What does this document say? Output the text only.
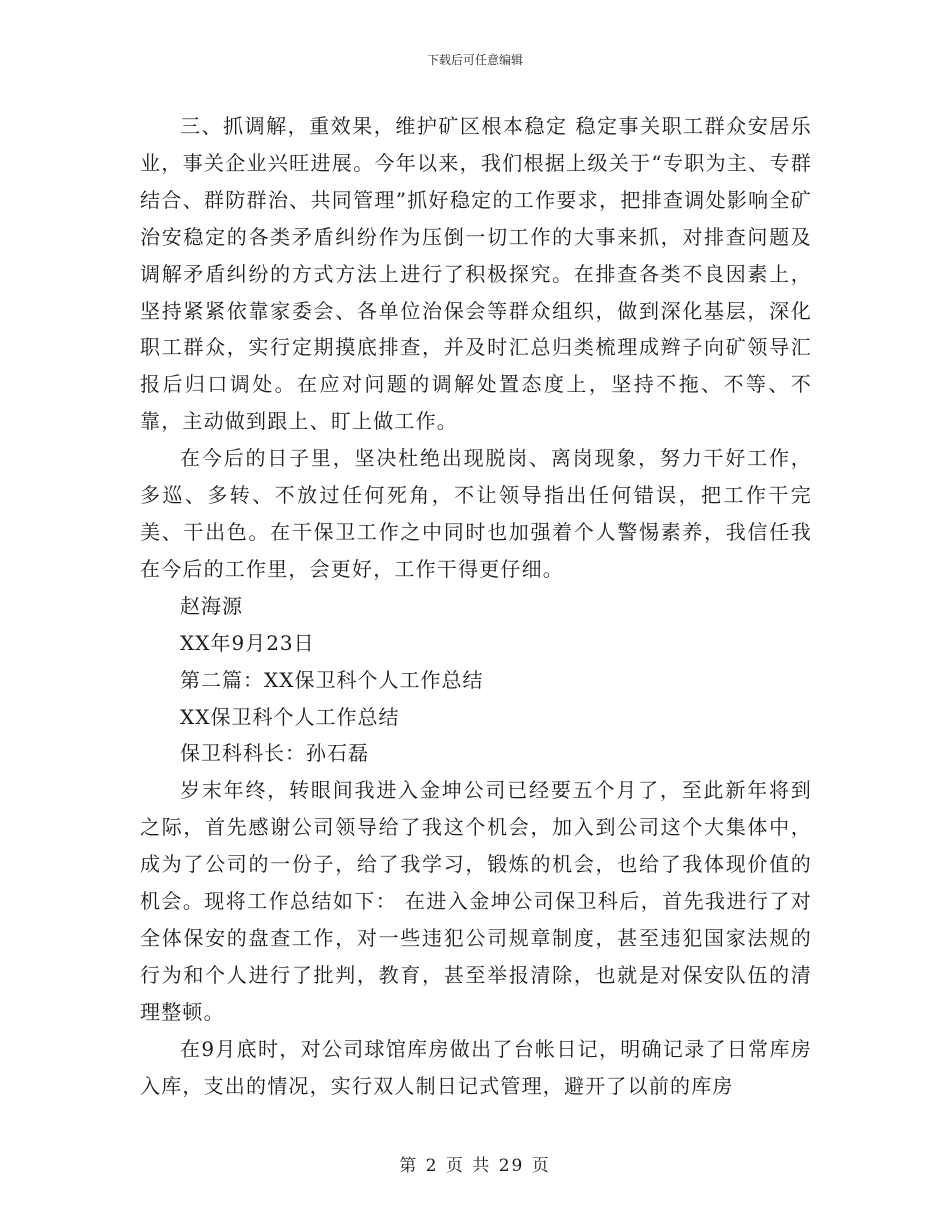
下载后可任意编辑

三、抓调解，重效果，维护矿区根本稳定 稳定事关职工群众安居乐业，事关企业兴旺进展。今年以来，我们根据上级关于“专职为主、专群结合、群防群治、共同管理”抓好稳定的工作要求，把排查调处影响全矿治安稳定的各类矛盾纠纷作为压倒一切工作的大事来抓，对排查问题及调解矛盾纠纷的方式方法上进行了积极探究。在排查各类不良因素上，坚持紧紧依靠家委会、各单位治保会等群众组织，做到深化基层，深化职工群众，实行定期摸底排查，并及时汇总归类梳理成辫子向矿领导汇报后归口调处。在应对问题的调解处置态度上，坚持不拖、不等、不靠，主动做到跟上、盯上做工作。

在今后的日子里，坚决杜绝出现脱岗、离岗现象，努力干好工作，多巡、多转、不放过任何死角，不让领导指出任何错误，把工作干完美、干出色。在干保卫工作之中同时也加强着个人警惕素养，我信任我在今后的工作里，会更好，工作干得更仔细。

赵海源

XX年9月23日

第二篇：XX保卫科个人工作总结

XX保卫科个人工作总结

保卫科科长：孙石磊

岁末年终，转眼间我进入金坤公司已经要五个月了，至此新年将到之际，首先感谢公司领导给了我这个机会，加入到公司这个大集体中，成为了公司的一份子，给了我学习，锻炼的机会，也给了我体现价值的机会。现将工作总结如下： 在进入金坤公司保卫科后，首先我进行了对全体保安的盘查工作，对一些违犯公司规章制度，甚至违犯国家法规的行为和个人进行了批判，教育，甚至举报清除，也就是对保安队伍的清理整顿。

在9月底时，对公司球馆库房做出了台帐日记，明确记录了日常库房入库，支出的情况，实行双人制日记式管理，避开了以前的库房

第 2 页 共 29 页
